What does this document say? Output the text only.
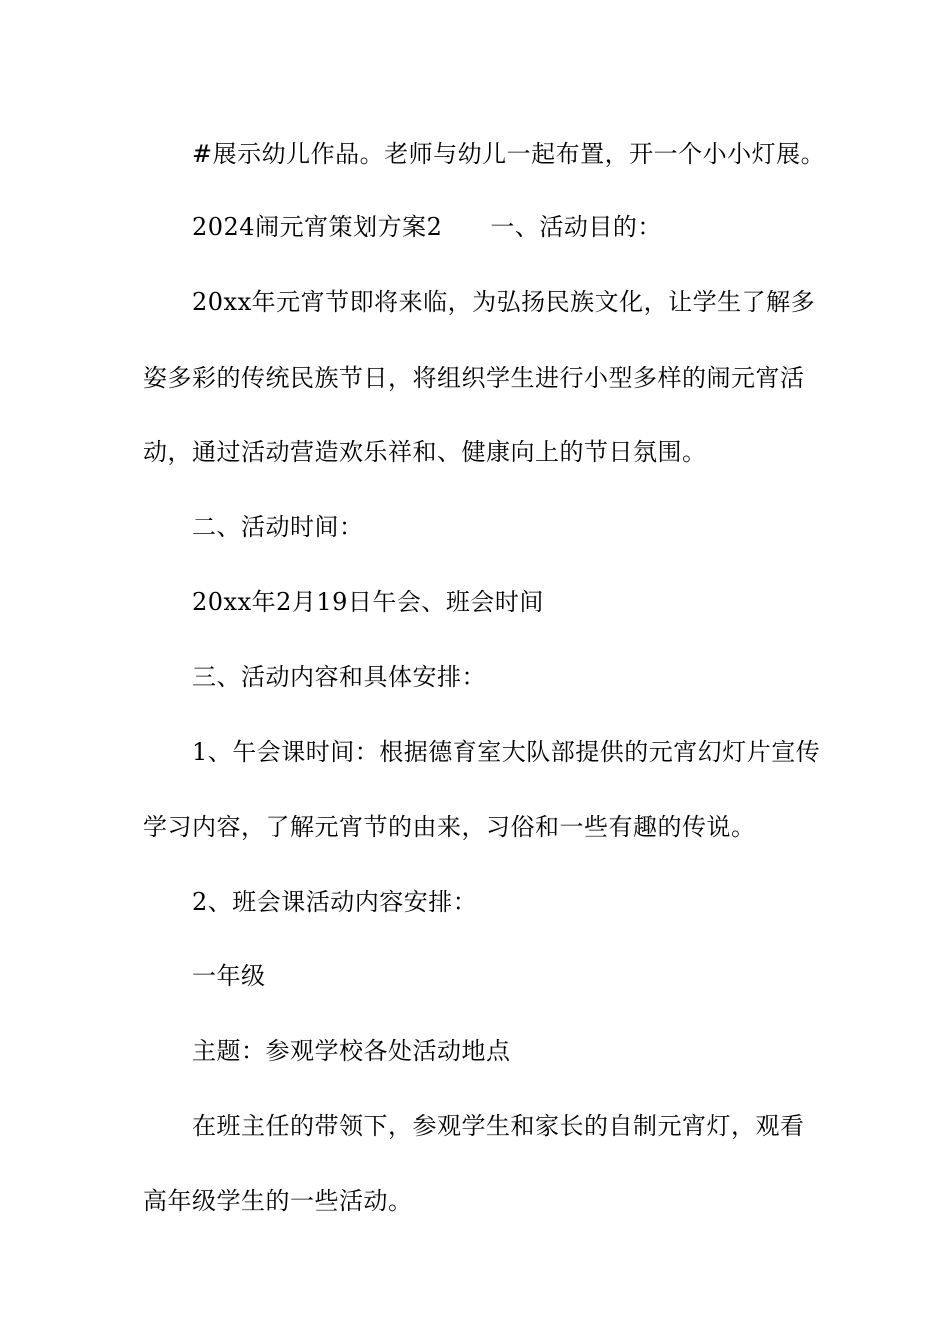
#展示幼儿作品。老师与幼儿一起布置，开一个小小灯展。
2024闹元宵策划方案2 一、活动目的：
20xx年元宵节即将来临，为弘扬民族文化，让学生了解多
姿多彩的传统民族节日，将组织学生进行小型多样的闹元宵活
动，通过活动营造欢乐祥和、健康向上的节日氛围。
二、活动时间：
20xx年2月19日午会、班会时间
三、活动内容和具体安排：
1、午会课时间：根据德育室大队部提供的元宵幻灯片宣传
学习内容，了解元宵节的由来，习俗和一些有趣的传说。
2、班会课活动内容安排：
一年级
主题：参观学校各处活动地点
在班主任的带领下，参观学生和家长的自制元宵灯，观看
高年级学生的一些活动。
